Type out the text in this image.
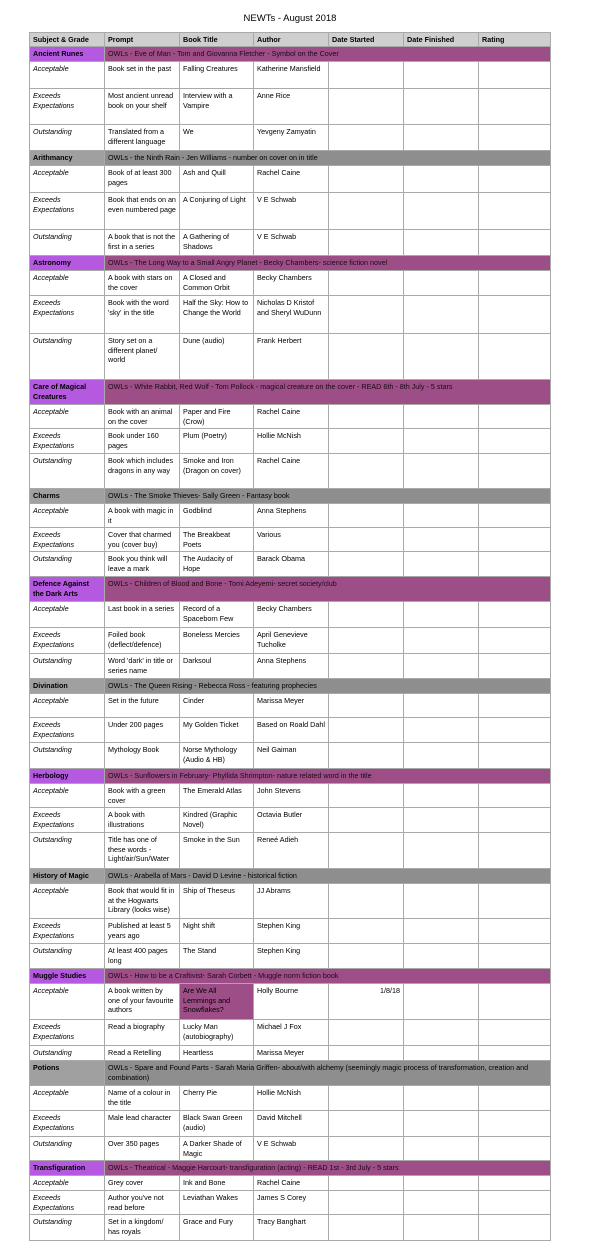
NEWTs - August 2018
Subject & Grade	Prompt	Book Title	Author	Date Started	Date Finished	Rating
Ancient Runes	OWLs - Eve of Man - Tom and Giovanna Fletcher - Symbol on the Cover					
Acceptable	Book set in the past	Falling Creatures	Katherine Mansfield			
Exceeds Expectations	Most ancient unread book on your shelf	Interview with a Vampire	Anne Rice			
Outstanding	Translated from a different language	We	Yevgeny Zamyatin			
Arithmancy	OWLs - the Ninth Rain - Jen Williams - number on cover on in title					
Acceptable	Book of at least 300 pages	Ash and Quill	Rachel Caine			
Exceeds Expectations	Book that ends on an even numbered page	A Conjuring of Light	V E Schwab			
Outstanding	A book that is not the first in a series	A Gathering of Shadows	V E Schwab			
Astronomy	OWLs - The Long Way to a Small Angry Planet - Becky Chambers- science fiction novel					
Acceptable	A book with stars on the cover	A Closed and Common Orbit	Becky Chambers			
Exceeds Expectations	Book with the word 'sky' in the title	Half the Sky: How to Change the World	Nicholas D Kristof and Sheryl WuDunn			
Outstanding	Story set on a different planet/ world	Dune (audio)	Frank Herbert			
Care of Magical Creatures	OWLs - White Rabbit, Red Wolf - Tom Pollock - magical creature on the cover - READ 6th - 8th July - 5 stars					
Acceptable	Book with an animal on the cover	Paper and Fire (Crow)	Rachel Caine			
Exceeds Expectations	Book under 160 pages	Plum (Poetry)	Hollie McNish			
Outstanding	Book which includes dragons in any way	Smoke and Iron (Dragon on cover)	Rachel Caine			
Charms	OWLs - The Smoke Thieves- Sally Green - Fantasy book					
Acceptable	A book with magic in it	Godblind	Anna Stephens			
Exceeds Expectations	Cover that charmed you (cover buy)	The Breakbeat Poets	Various			
Outstanding	Book you think will leave a mark	The Audacity of Hope	Barack Obama			
Defence Against the Dark Arts	OWLs - Children of Blood and Bone - Tomi Adeyemi- secret society/club					
Acceptable	Last book in a series	Record of a Spaceborn Few	Becky Chambers			
Exceeds Expectations	Foiled book (deflect/defence)	Boneless Mercies	April Genevieve Tucholke			
Outstanding	Word 'dark' in title or series name	Darksoul	Anna Stephens			
Divination	OWLs - The Queen Rising - Rebecca Ross - featuring prophecies					
Acceptable	Set in the future	Cinder	Marissa Meyer			
Exceeds Expectations	Under 200 pages	My Golden Ticket	Based on Roald Dahl			
Outstanding	Mythology Book	Norse Mythology (Audio & HB)	Neil Gaiman			
Herbology	OWLs - Sunflowers in February- Phyllida Shrimpton- nature related word in the title					
Acceptable	Book with a green cover	The Emerald Atlas	John Stevens			
Exceeds Expectations	A book with illustrations	Kindred (Graphic Novel)	Octavia Butler			
Outstanding	Title has one of these words - Light/air/Sun/Water	Smoke in the Sun	Reneé Adieh			
History of Magic	OWLs - Arabella of Mars - David D Levine - historical fiction					
Acceptable	Book that would fit in at the Hogwarts Library (looks wise)	Ship of Theseus	JJ Abrams			
Exceeds Expectations	Published at least 5 years ago	Night shift	Stephen King			
Outstanding	At least 400 pages long	The Stand	Stephen King			
Muggle Studies	OWLs - How to be a Craftivist- Sarah Corbett - Muggle norm fiction book					
Acceptable	A book written by one of your favourite authors	Are We All Lemmings and Snowflakes?	Holly Bourne	1/8/18		
Exceeds Expectations	Read a biography	Lucky Man (autobiography)	Michael J Fox			
Outstanding	Read a Retelling	Heartless	Marissa Meyer			
Potions	OWLs - Spare and Found Parts - Sarah Maria Griffen- about/with alchemy (seemingly magic process of transformation, creation and combination)					
Acceptable	Name of a colour in the title	Cherry Pie	Hollie McNish			
Exceeds Expectations	Male lead character	Black Swan Green (audio)	David Mitchell			
Outstanding	Over 350 pages	A Darker Shade of Magic	V E Schwab			
Transfiguration	OWLs - Theatrical - Maggie Harcourt- transfiguration (acting) - READ 1st - 3rd July - 5 stars					
Acceptable	Grey cover	Ink and Bone	Rachel Caine			
Exceeds Expectations	Author you've not read before	Leviathan Wakes	James S Corey			
Outstanding	Set in a kingdom/ has royals	Grace and Fury	Tracy Banghart			
